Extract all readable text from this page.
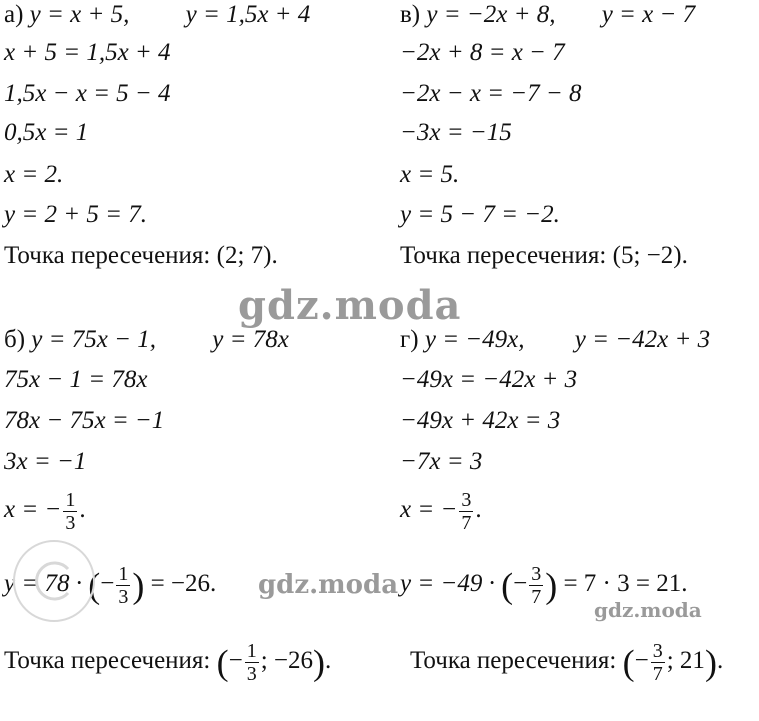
а) y = x + 5, y = 1,5x + 4
x + 5 = 1,5x + 4
1,5x − x = 5 − 4
0,5x = 1
x = 2.
y = 2 + 5 = 7.
Точка пересечения: (2; 7).
в) y = −2x + 8, y = x − 7
−2x + 8 = x − 7
−2x − x = −7 − 8
−3x = −15
x = 5.
y = 5 − 7 = −2.
Точка пересечения: (5; −2).
gdz.moda
б) y = 75x − 1, y = 78x
75x − 1 = 78x
78x − 75x = −1
3x = −1
x = − $\frac{1}{3}$ .
y = 78 · (− $\frac{1}{3}$ ) = −26.
Точка пересечения: (− $\frac{1}{3}$ ; −26).
г) y = −49x, y = −42x + 3
−49x = −42x + 3
−49x + 42x = 3
−7x = 3
x = − $\frac{3}{7}$ .
y = −49 · (− $\frac{3}{7}$ ) = 7 · 3 = 21.
Точка пересечения: (− $\frac{3}{7}$ ; 21).
gdz.moda
gdz.moda
